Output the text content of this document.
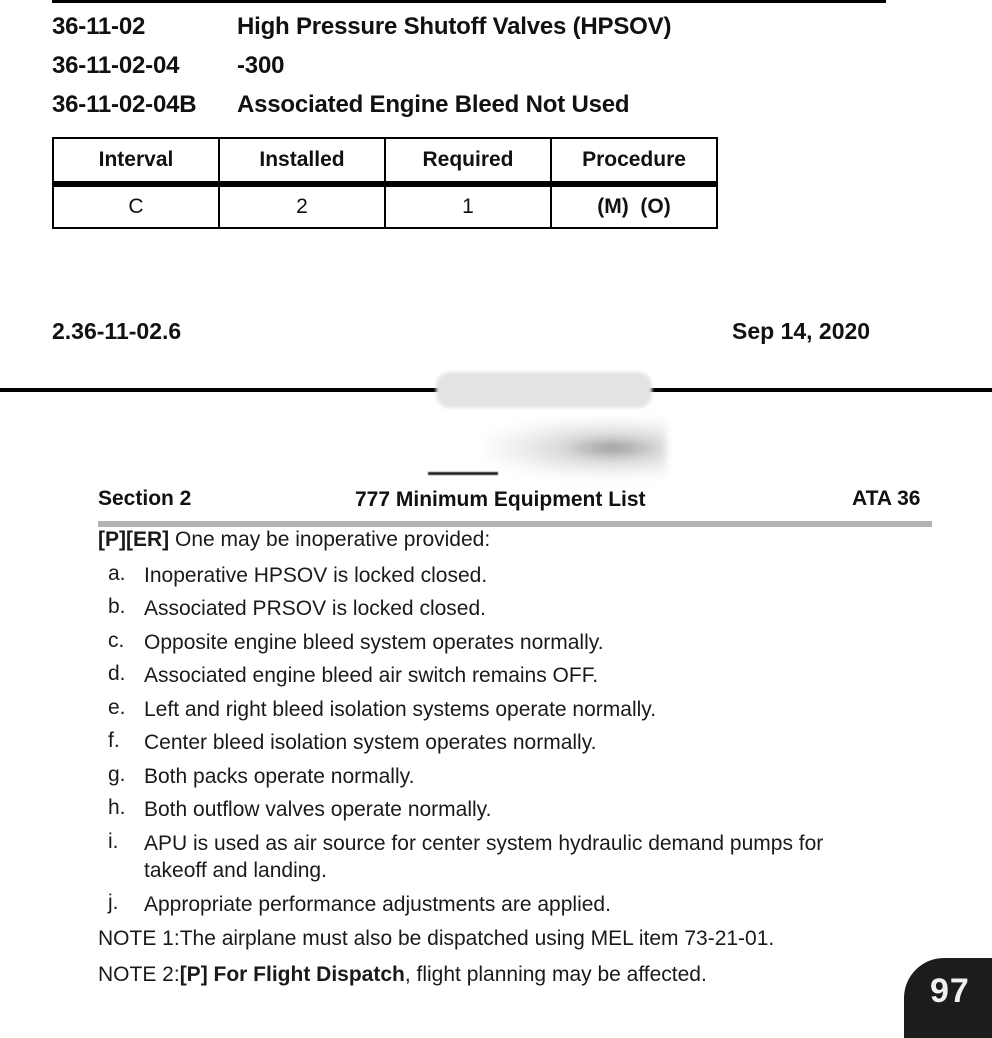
36-11-02	High Pressure Shutoff Valves (HPSOV)
36-11-02-04 -300
36-11-02-04B Associated Engine Bleed Not Used
Interval	Installed	Required	Procedure
C	2	1	(M)  (O)
2.36-11-02.6	Sep 14, 2020
Section 2	777 Minimum Equipment List	ATA 36
[P][ER] One may be inoperative provided:
a. Inoperative HPSOV is locked closed.
b. Associated PRSOV is locked closed.
c. Opposite engine bleed system operates normally.
d. Associated engine bleed air switch remains OFF.
e. Left and right bleed isolation systems operate normally.
f. Center bleed isolation system operates normally.
g. Both packs operate normally.
h. Both outflow valves operate normally.
i. APU is used as air source for center system hydraulic demand pumps for
takeoff and landing.
j. Appropriate performance adjustments are applied.
NOTE 1:The airplane must also be dispatched using MEL item 73-21-01.
NOTE 2:[P] For Flight Dispatch, flight planning may be affected.	97
